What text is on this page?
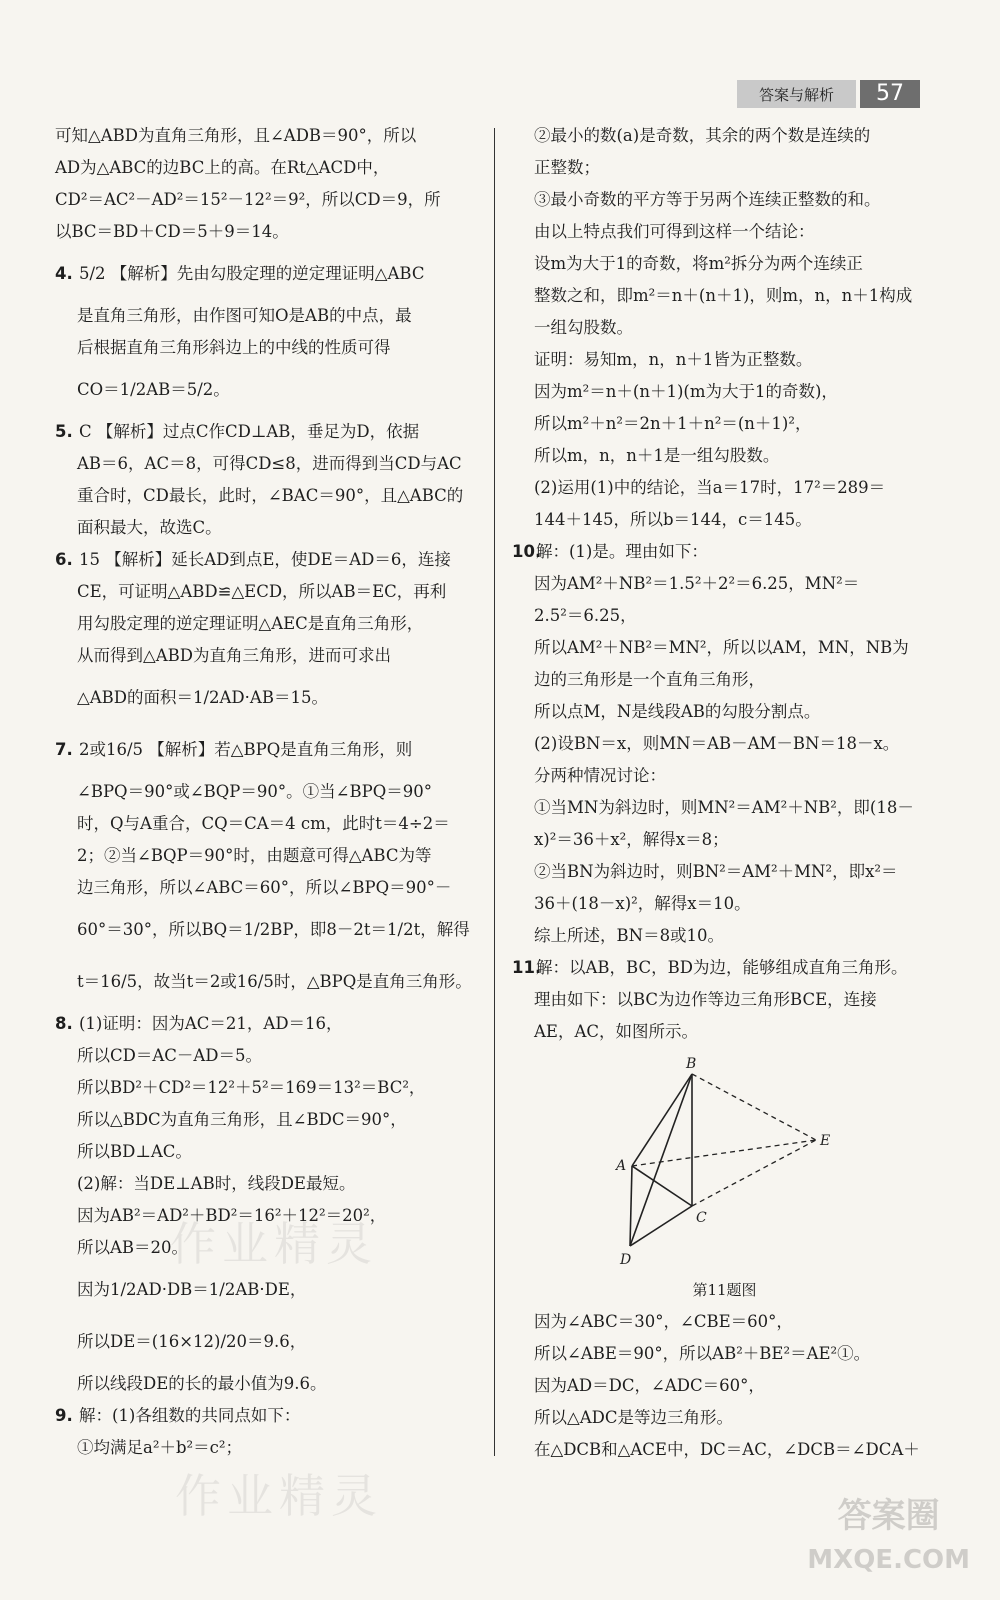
答案与解析	57

可知△ABD为直角三角形，且∠ADB＝90°，所以

AD为△ABC的边BC上的高。在Rt△ACD中，

CD²＝AC²－AD²＝15²－12²＝9²，所以CD＝9，所

以BC＝BD＋CD＝5＋9＝14。

4. 5/2 【解析】先由勾股定理的逆定理证明△ABC

是直角三角形，由作图可知O是AB的中点，最

后根据直角三角形斜边上的中线的性质可得

CO＝1/2AB＝5/2。

5. C 【解析】过点C作CD⊥AB，垂足为D，依据

AB＝6，AC＝8，可得CD≤8，进而得到当CD与AC

重合时，CD最长，此时，∠BAC＝90°，且△ABC的

面积最大，故选C。

6. 15 【解析】延长AD到点E，使DE＝AD＝6，连接

CE，可证明△ABD≌△ECD，所以AB＝EC，再利

用勾股定理的逆定理证明△AEC是直角三角形，

从而得到△ABD为直角三角形，进而可求出

△ABD的面积＝1/2AD·AB＝15。

7. 2或16/5 【解析】若△BPQ是直角三角形，则

∠BPQ＝90°或∠BQP＝90°。①当∠BPQ＝90°

时，Q与A重合，CQ＝CA＝4 cm，此时t＝4÷2＝

2；②当∠BQP＝90°时，由题意可得△ABC为等

边三角形，所以∠ABC＝60°，所以∠BPQ＝90°－

60°＝30°，所以BQ＝1/2BP，即8－2t＝1/2t，解得

t＝16/5，故当t＝2或16/5时，△BPQ是直角三角形。

8. (1)证明：因为AC＝21，AD＝16，

所以CD＝AC－AD＝5。

所以BD²＋CD²＝12²＋5²＝169＝13²＝BC²，

所以△BDC为直角三角形，且∠BDC＝90°，

所以BD⊥AC。

(2)解：当DE⊥AB时，线段DE最短。

因为AB²＝AD²＋BD²＝16²＋12²＝20²，

所以AB＝20。

因为1/2AD·DB＝1/2AB·DE，

所以DE＝(16×12)/20＝9.6，

所以线段DE的长的最小值为9.6。

9. 解：(1)各组数的共同点如下：

①均满足a²＋b²＝c²；

②最小的数(a)是奇数，其余的两个数是连续的

正整数；

③最小奇数的平方等于另两个连续正整数的和。

由以上特点我们可得到这样一个结论：

设m为大于1的奇数，将m²拆分为两个连续正

整数之和，即m²＝n＋(n＋1)，则m，n，n＋1构成

一组勾股数。

证明：易知m，n，n＋1皆为正整数。

因为m²＝n＋(n＋1)(m为大于1的奇数)，

所以m²＋n²＝2n＋1＋n²＝(n＋1)²，

所以m，n，n＋1是一组勾股数。

(2)运用(1)中的结论，当a＝17时，17²＝289＝

144＋145，所以b＝144，c＝145。

10.
解：(1)是。理由如下：

因为AM²＋NB²＝1.5²＋2²＝6.25，MN²＝

2.5²＝6.25，

所以AM²＋NB²＝MN²，所以以AM，MN，NB为

边的三角形是一个直角三角形，

所以点M，N是线段AB的勾股分割点。

(2)设BN＝x，则MN＝AB－AM－BN＝18－x。

分两种情况讨论：

①当MN为斜边时，则MN²＝AM²＋NB²，即(18－

x)²＝36＋x²，解得x＝8；

②当BN为斜边时，则BN²＝AM²＋MN²，即x²＝

36＋(18－x)²，解得x＝10。

综上所述，BN＝8或10。

11.
解：以AB，BC，BD为边，能够组成直角三角形。

理由如下：以BC为边作等边三角形BCE，连接

AE，AC，如图所示。

B
E
A
C
D

第11题图

因为∠ABC＝30°，∠CBE＝60°，

所以∠ABE＝90°，所以AB²＋BE²＝AE²①。

因为AD＝DC，∠ADC＝60°，

所以△ADC是等边三角形。

在△DCB和△ACE中，DC＝AC，∠DCB＝∠DCA＋

作业精灵
作业精灵	答案圈
MXQE.COM
